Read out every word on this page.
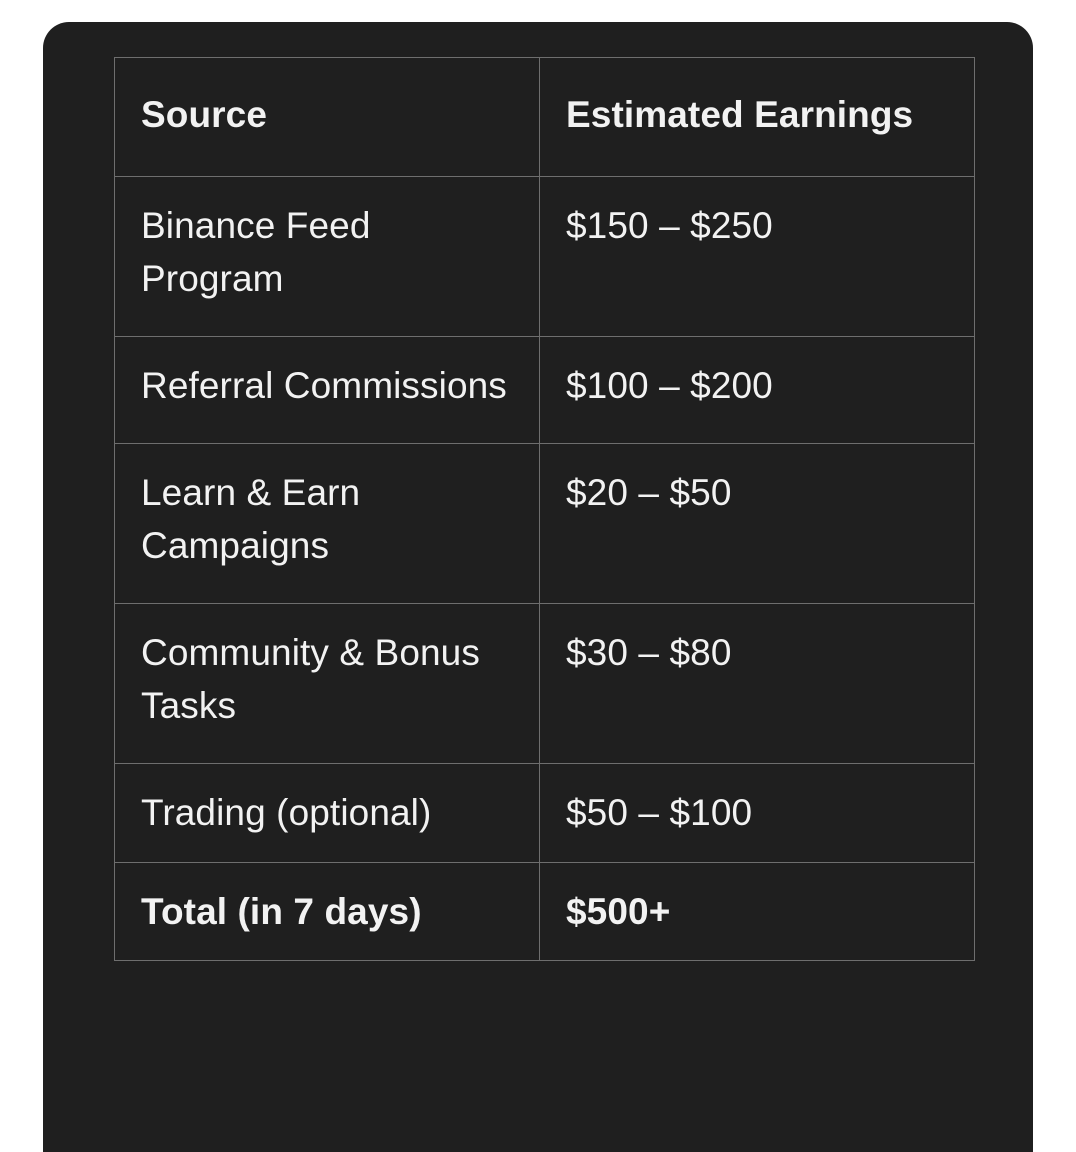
Source	Estimated Earnings
Binance Feed Program	$150 – $250
Referral Commissions	$100 – $200
Learn & Earn Campaigns	$20 – $50
Community & Bonus Tasks	$30 – $80
Trading (optional)	$50 – $100
Total (in 7 days)	$500+
